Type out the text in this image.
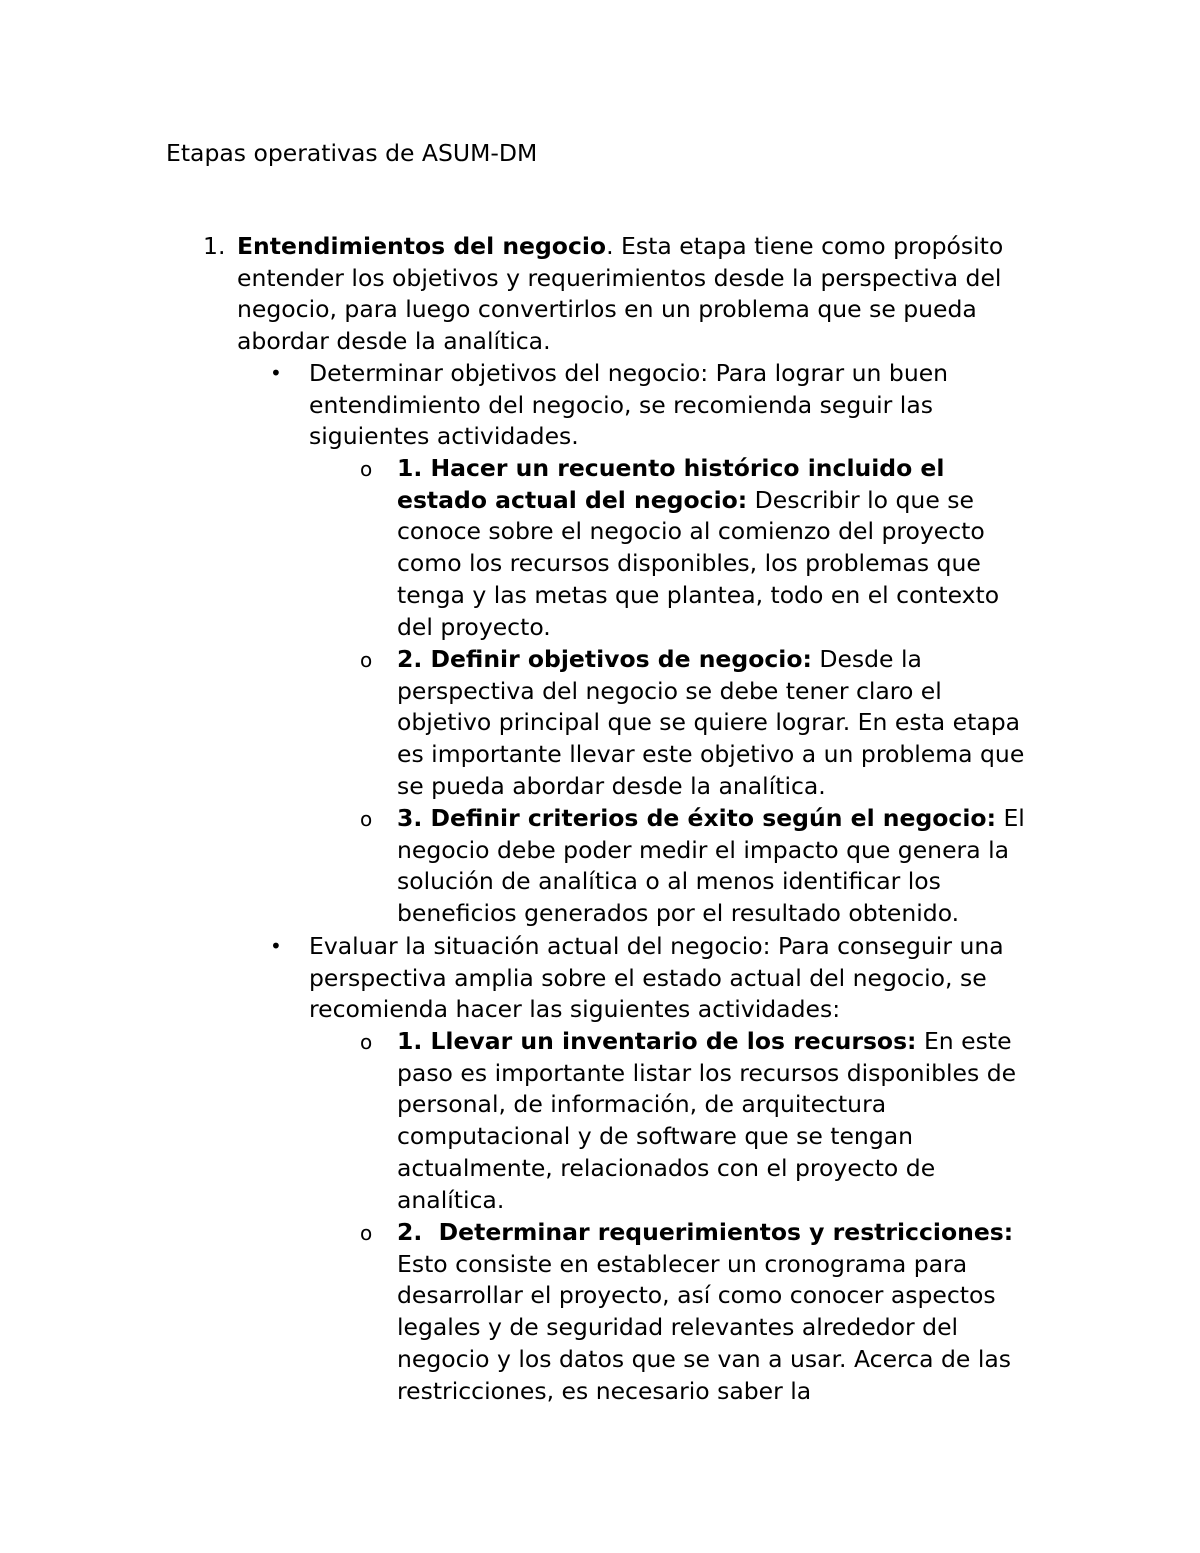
Etapas operativas de ASUM-DM
1. Entendimientos del negocio. Esta etapa tiene como propósito entender los objetivos y requerimientos desde la perspectiva del negocio, para luego convertirlos en un problema que se pueda abordar desde la analítica.
• Determinar objetivos del negocio: Para lograr un buen entendimiento del negocio, se recomienda seguir las siguientes actividades.
o 1. Hacer un recuento histórico incluido el estado actual del negocio: Describir lo que se conoce sobre el negocio al comienzo del proyecto como los recursos disponibles, los problemas que tenga y las metas que plantea, todo en el contexto del proyecto.
o 2. Definir objetivos de negocio: Desde la perspectiva del negocio se debe tener claro el objetivo principal que se quiere lograr. En esta etapa es importante llevar este objetivo a un problema que se pueda abordar desde la analítica.
o 3. Definir criterios de éxito según el negocio: El negocio debe poder medir el impacto que genera la solución de analítica o al menos identificar los beneficios generados por el resultado obtenido.
• Evaluar la situación actual del negocio: Para conseguir una perspectiva amplia sobre el estado actual del negocio, se recomienda hacer las siguientes actividades:
o 1. Llevar un inventario de los recursos: En este paso es importante listar los recursos disponibles de personal, de información, de arquitectura computacional y de software que se tengan actualmente, relacionados con el proyecto de analítica.
o 2.  Determinar requerimientos y restricciones:  Esto consiste en establecer un cronograma para desarrollar el proyecto, así como conocer aspectos legales y de seguridad relevantes alrededor del negocio y los datos que se van a usar. Acerca de las restricciones, es necesario saber la
